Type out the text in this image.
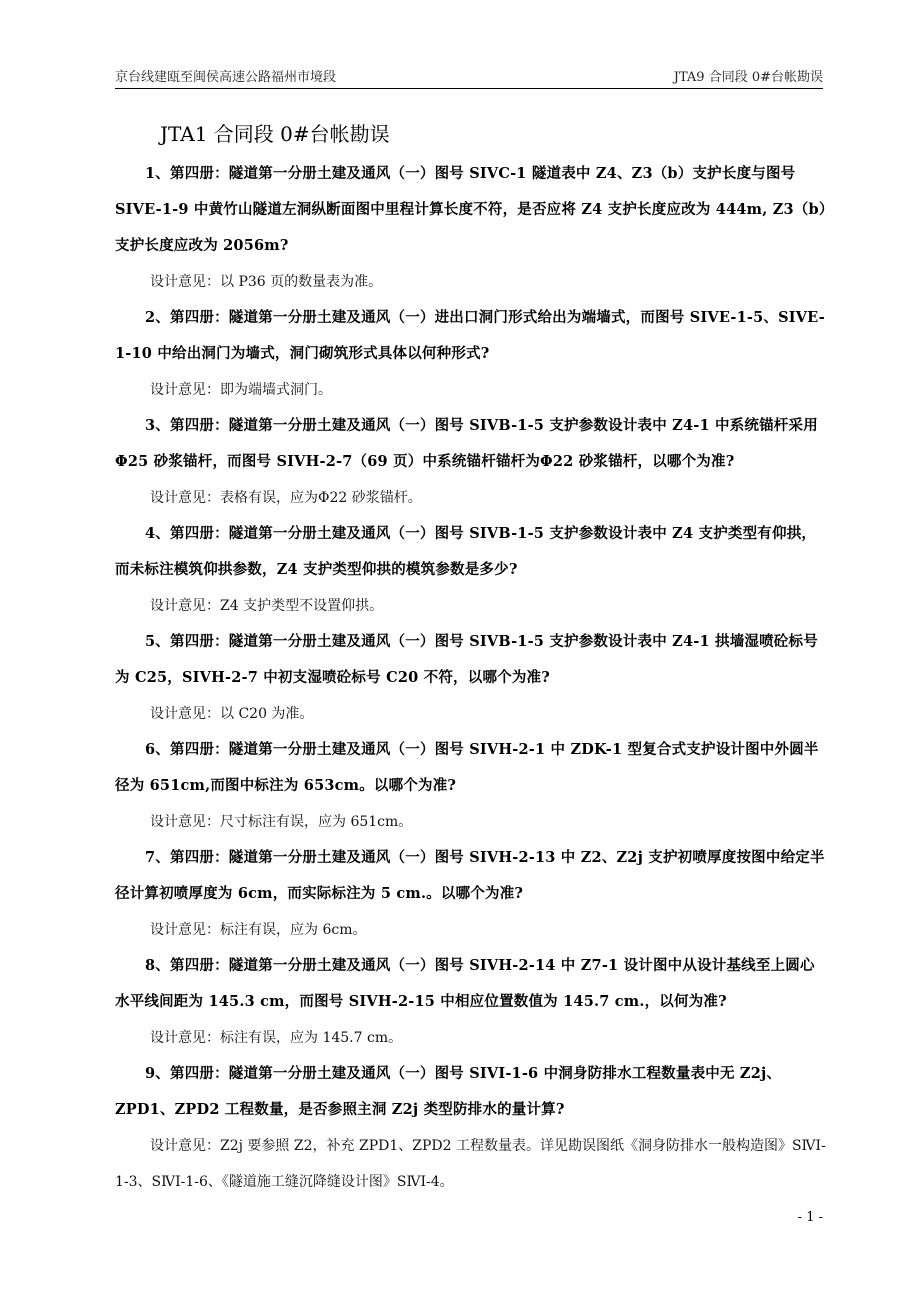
京台线建瓯至闽侯高速公路福州市境段	JTA9 合同段 0#台帐勘误
JTA1 合同段 0#台帐勘误

1、第四册：隧道第一分册土建及通风（一）图号 SIVC-1 隧道表中 Z4、Z3（b）支护长度与图号 SIVE-1-9 中黄竹山隧道左洞纵断面图中里程计算长度不符，是否应将 Z4 支护长度应改为 444m, Z3（b）支护长度应改为 2056m?

设计意见：以 P36 页的数量表为准。

2、第四册：隧道第一分册土建及通风（一）进出口洞门形式给出为端墙式，而图号 SIVE-1-5、SIVE-1-10 中给出洞门为墙式，洞门砌筑形式具体以何种形式?

设计意见：即为端墙式洞门。

3、第四册：隧道第一分册土建及通风（一）图号 SIVB-1-5 支护参数设计表中 Z4-1 中系统锚杆采用Φ25 砂浆锚杆，而图号 SIVH-2-7（69 页）中系统锚杆锚杆为Φ22 砂浆锚杆，以哪个为准?

设计意见：表格有误，应为Φ22 砂浆锚杆。

4、第四册：隧道第一分册土建及通风（一）图号 SIVB-1-5 支护参数设计表中 Z4 支护类型有仰拱，而未标注模筑仰拱参数，Z4 支护类型仰拱的模筑参数是多少?

设计意见：Z4 支护类型不设置仰拱。

5、第四册：隧道第一分册土建及通风（一）图号 SIVB-1-5 支护参数设计表中 Z4-1 拱墙湿喷砼标号为 C25，SIVH-2-7 中初支湿喷砼标号 C20 不符，以哪个为准?

设计意见：以 C20 为准。

6、第四册：隧道第一分册土建及通风（一）图号 SIVH-2-1 中 ZDK-1 型复合式支护设计图中外圆半径为 651cm,而图中标注为 653cm。以哪个为准?

设计意见：尺寸标注有误，应为 651cm。

7、第四册：隧道第一分册土建及通风（一）图号 SIVH-2-13 中 Z2、Z2j 支护初喷厚度按图中给定半径计算初喷厚度为 6cm，而实际标注为 5 cm.。以哪个为准?

设计意见：标注有误，应为 6cm。

8、第四册：隧道第一分册土建及通风（一）图号 SIVH-2-14 中 Z7-1 设计图中从设计基线至上圆心水平线间距为 145.3 cm，而图号 SIVH-2-15 中相应位置数值为 145.7 cm.，以何为准?

设计意见：标注有误，应为 145.7 cm。

9、第四册：隧道第一分册土建及通风（一）图号 SIVI-1-6 中洞身防排水工程数量表中无 Z2j、ZPD1、ZPD2 工程数量，是否参照主洞 Z2j 类型防排水的量计算?

设计意见：Z2j 要参照 Z2，补充 ZPD1、ZPD2 工程数量表。详见勘误图纸《洞身防排水一般构造图》SⅣI-1-3、SⅣI-1-6、《隧道施工缝沉降缝设计图》SⅣI-4。

- 1 -
